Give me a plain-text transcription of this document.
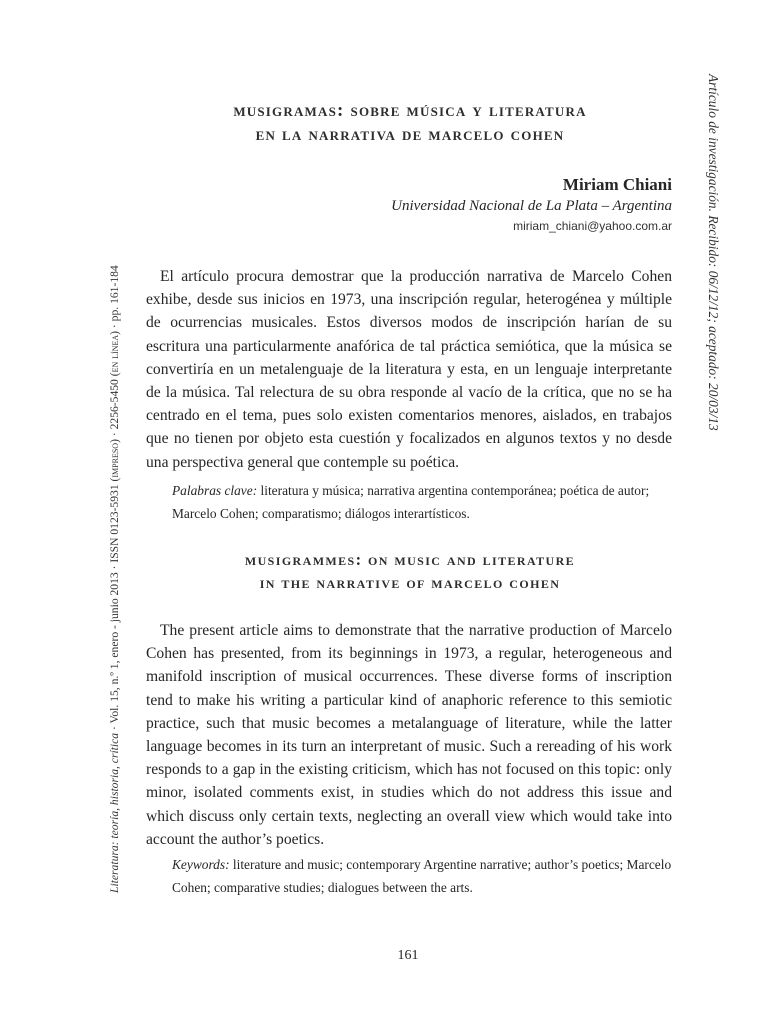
musigramas: sobre música y literatura
en la narrativa de marcelo cohen
Miriam Chiani
Universidad Nacional de La Plata – Argentina
miriam_chiani@yahoo.com.ar

El artículo procura demostrar que la producción narrativa de Marcelo Cohen exhibe, desde sus inicios en 1973, una inscripción regular, heterogénea y múltiple de ocurrencias musicales. Estos diversos modos de inscripción harían de su escritura una particularmente anafórica de tal práctica semiótica, que la música se convertiría en un metalenguaje de la literatura y esta, en un lenguaje interpretante de la música. Tal relectura de su obra responde al vacío de la crítica, que no se ha centrado en el tema, pues solo existen comentarios menores, aislados, en trabajos que no tienen por objeto esta cuestión y focalizados en algunos textos y no desde una perspectiva general que contemple su poética.

Palabras clave: literatura y música; narrativa argentina contemporánea; poética de autor; Marcelo Cohen; comparatismo; diálogos interartísticos.

musigrammes: on music and literature
in the narrative of marcelo cohen

The present article aims to demonstrate that the narrative production of Marcelo Cohen has presented, from its beginnings in 1973, a regular, heterogeneous and manifold inscription of musical occurrences. These diverse forms of inscription tend to make his writing a particular kind of anaphoric reference to this semiotic practice, such that music becomes a metalanguage of literature, while the latter language becomes in its turn an interpretant of music. Such a rereading of his work responds to a gap in the existing criticism, which has not focused on this topic: only minor, isolated comments exist, in studies which do not address this issue and which discuss only certain texts, neglecting an overall view which would take into account the author’s poetics.

Keywords: literature and music; contemporary Argentine narrative; author’s poetics; Marcelo Cohen; comparative studies; dialogues between the arts.

Literatura: teoría, historia, crítica · Vol. 15, n.º 1, enero - junio 2013 · ISSN 0123-5931 (impreso) · 2256-5450 (en línea) · pp. 161-184	Artículo de investigación. Recibido: 06/12/12; aceptado: 20/03/13
161
